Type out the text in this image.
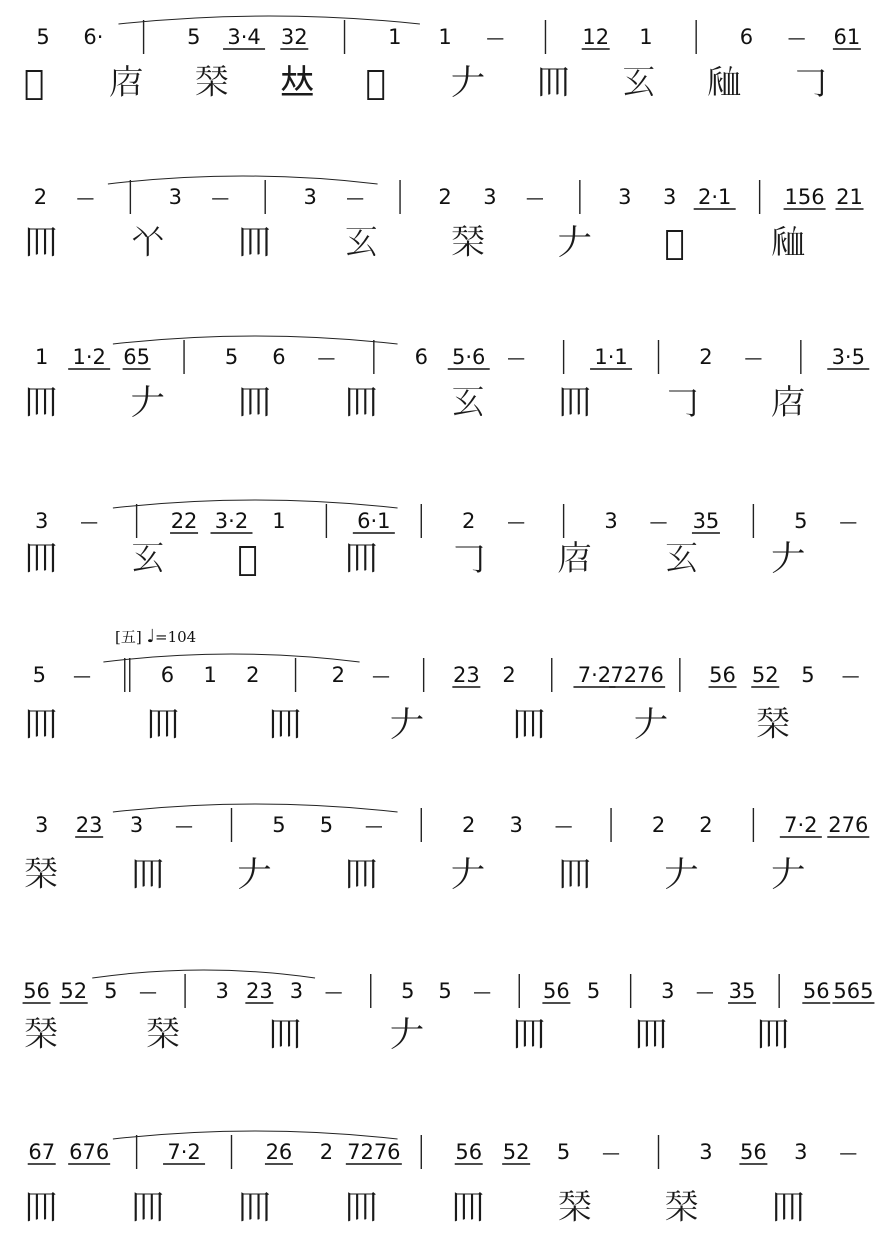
[五] ♩=104
5 6·	5 3·4 32	1 1 —	12 1	6 — 61
𤇊 𢈆 𣓁 𠀤 𥐈 𠂇 𦉫 𢆰 𧖴 𠃌
2 —	3 —	3 —	2 3 —	3 3 2·1	156 21
𦉫 𠁥 𦉫 𢆰 𣓁 𠂇 𥐈	𧖴
1 1·2 65	5 6 —	6 5·6 —	1·1	2 —	3·5
𦉫 𠂇 𦉫 𦉫 𢆰 𦉫 𠃌 𢈆
3 —	22 3·2 1	6·1	2 —	3 — 35	5 —
𦉫 𢆰 𥐈	𦉫 𠃌 𢈆 𢆰 𠂇
5 —	6 1 2	2 —	23 2	7·2 7276 56 52 5 —
𦉫	𦉫	𦉫	𠂇	𦉫	𠂇	𣓁
3 23 3 —	5 5 —	2 3 —	2 2	7·2 276
𣓁 𦉫 𠂇 𦉫 𠂇 𦉫 𠂇 𠂇
56 52 5 —	3 23 3 —	5 5 — 56 5	3 — 35 56 565
𣓁	𣓁	𦉫	𠂇	𦉫	𦉫	𦉫
67 676	7·2	26 2 7276	56 52 5 —	3 56 3 —
𦉫 𦉫 𦉫 𦉫 𦉫 𣓁 𣓁 𦉫
